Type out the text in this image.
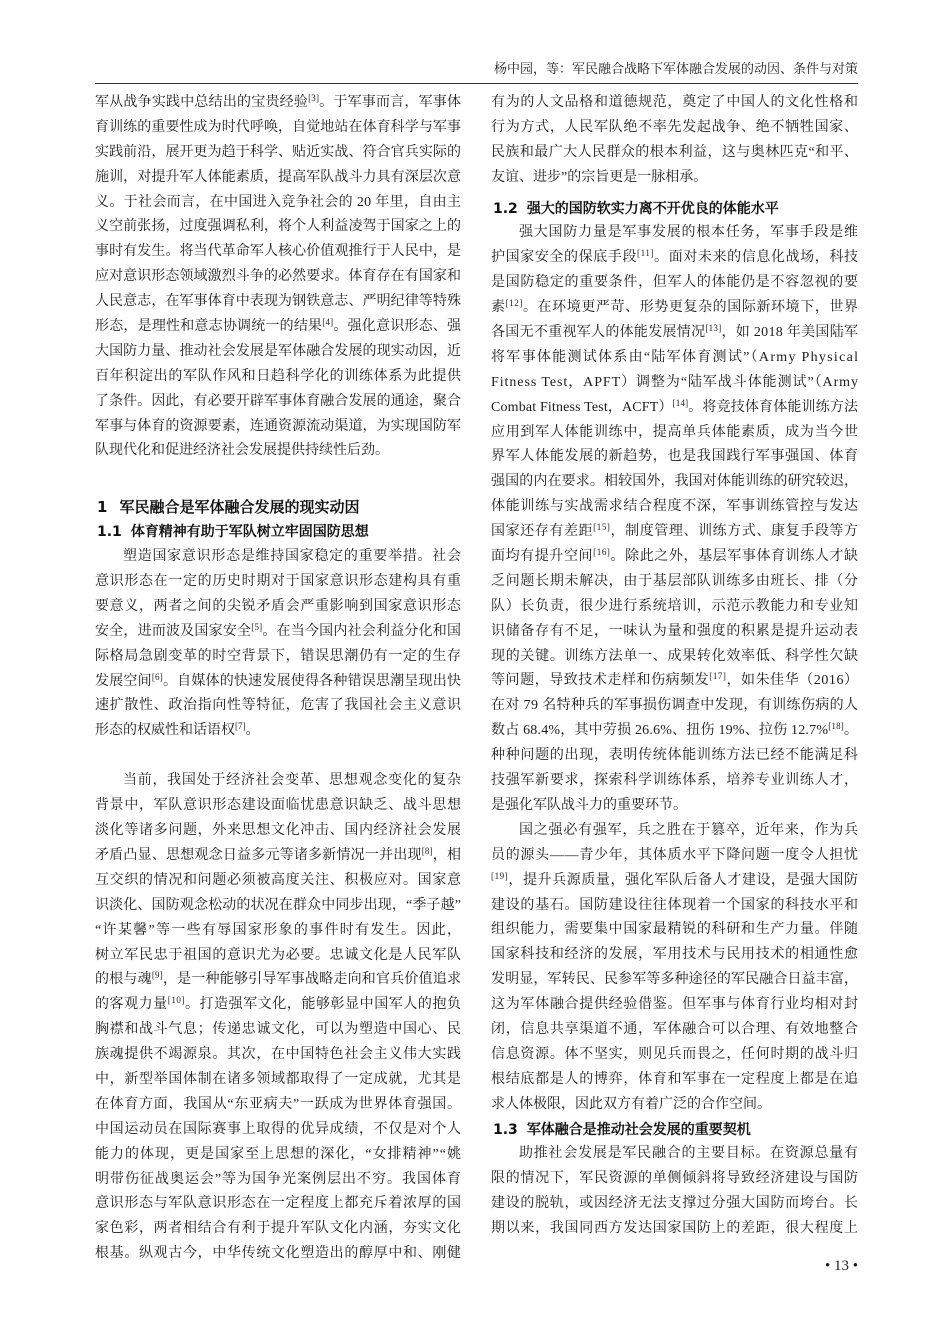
杨中园，等：军民融合战略下军体融合发展的动因、条件与对策
军从战争实践中总结出的宝贵经验[3]。于军事而言，军事体
育训练的重要性成为时代呼唤，自觉地站在体育科学与军事
实践前沿，展开更为趋于科学、贴近实战、符合官兵实际的
施训，对提升军人体能素质，提高军队战斗力具有深层次意
义。于社会而言，在中国进入竞争社会的 20 年里，自由主
义空前张扬，过度强调私利，将个人利益凌驾于国家之上的
事时有发生。将当代革命军人核心价值观推行于人民中，是
应对意识形态领域激烈斗争的必然要求。体育存在有国家和
人民意志，在军事体育中表现为钢铁意志、严明纪律等特殊
形态，是理性和意志协调统一的结果[4]。强化意识形态、强
大国防力量、推动社会发展是军体融合发展的现实动因，近
百年积淀出的军队作风和日趋科学化的训练体系为此提供
了条件。因此，有必要开辟军事体育融合发展的通途，聚合
军事与体育的资源要素，连通资源流动渠道，为实现国防军
队现代化和促进经济社会发展提供持续性后劲。
1 军民融合是军体融合发展的现实动因
1.1 体育精神有助于军队树立牢固国防思想
塑造国家意识形态是维持国家稳定的重要举措。社会
意识形态在一定的历史时期对于国家意识形态建构具有重
要意义，两者之间的尖锐矛盾会严重影响到国家意识形态
安全，进而波及国家安全[5]。在当今国内社会利益分化和国
际格局急剧变革的时空背景下，错误思潮仍有一定的生存
发展空间[6]。自媒体的快速发展使得各种错误思潮呈现出快
速扩散性、政治指向性等特征，危害了我国社会主义意识
形态的权威性和话语权[7]。
当前，我国处于经济社会变革、思想观念变化的复杂
背景中，军队意识形态建设面临忧患意识缺乏、战斗思想
淡化等诸多问题，外来思想文化冲击、国内经济社会发展
矛盾凸显、思想观念日益多元等诸多新情况一并出现[8]，相
互交织的情况和问题必须被高度关注、积极应对。国家意
识淡化、国防观念松动的状况在群众中同步出现，“季子越”
“许某馨”等一些有辱国家形象的事件时有发生。因此，
树立军民忠于祖国的意识尤为必要。忠诚文化是人民军队
的根与魂[9]，是一种能够引导军事战略走向和官兵价值追求
的客观力量[10]。打造强军文化，能够彰显中国军人的抱负
胸襟和战斗气息；传递忠诚文化，可以为塑造中国心、民
族魂提供不竭源泉。其次，在中国特色社会主义伟大实践
中，新型举国体制在诸多领域都取得了一定成就，尤其是
在体育方面，我国从“东亚病夫”一跃成为世界体育强国。
中国运动员在国际赛事上取得的优异成绩，不仅是对个人
能力的体现，更是国家至上思想的深化，“女排精神”“姚
明带伤征战奥运会”等为国争光案例层出不穷。我国体育
意识形态与军队意识形态在一定程度上都充斥着浓厚的国
家色彩，两者相结合有利于提升军队文化内涵，夯实文化
根基。纵观古今，中华传统文化塑造出的醇厚中和、刚健
有为的人文品格和道德规范，奠定了中国人的文化性格和
行为方式，人民军队绝不率先发起战争、绝不牺牲国家、
民族和最广大人民群众的根本利益，这与奥林匹克“和平、
友谊、进步”的宗旨更是一脉相承。
1.2 强大的国防软实力离不开优良的体能水平
强大国防力量是军事发展的根本任务，军事手段是维
护国家安全的保底手段[11]。面对未来的信息化战场，科技
是国防稳定的重要条件，但军人的体能仍是不容忽视的要
素[12]。在环境更严苛、形势更复杂的国际新环境下，世界
各国无不重视军人的体能发展情况[13]，如 2018 年美国陆军
将军事体能测试体系由“陆军体育测试”（Army Physical
Fitness Test，APFT）调整为“陆军战斗体能测试”（Army
Combat Fitness Test，ACFT）[14]。将竞技体育体能训练方法
应用到军人体能训练中，提高单兵体能素质，成为当今世
界军人体能发展的新趋势，也是我国践行军事强国、体育
强国的内在要求。相较国外，我国对体能训练的研究较迟，
体能训练与实战需求结合程度不深，军事训练管控与发达
国家还存有差距[15]，制度管理、训练方式、康复手段等方
面均有提升空间[16]。除此之外，基层军事体育训练人才缺
乏问题长期未解决，由于基层部队训练多由班长、排（分
队）长负责，很少进行系统培训，示范示教能力和专业知
识储备存有不足，一味认为量和强度的积累是提升运动表
现的关键。训练方法单一、成果转化效率低、科学性欠缺
等问题，导致技术走样和伤病频发[17]，如朱佳华（2016）
在对 79 名特种兵的军事损伤调查中发现，有训练伤病的人
数占 68.4%，其中劳损 26.6%、扭伤 19%、拉伤 12.7%[18]。
种种问题的出现，表明传统体能训练方法已经不能满足科
技强军新要求，探索科学训练体系，培养专业训练人才，
是强化军队战斗力的重要环节。
国之强必有强军，兵之胜在于篡卒，近年来，作为兵
员的源头——青少年，其体质水平下降问题一度令人担忧
[19]，提升兵源质量，强化军队后备人才建设，是强大国防
建设的基石。国防建设往往体现着一个国家的科技水平和
组织能力，需要集中国家最精锐的科研和生产力量。伴随
国家科技和经济的发展，军用技术与民用技术的相通性愈
发明显，军转民、民参军等多种途径的军民融合日益丰富，
这为军体融合提供经验借鉴。但军事与体育行业均相对封
闭，信息共享渠道不通，军体融合可以合理、有效地整合
信息资源。体不坚实，则见兵而畏之，任何时期的战斗归
根结底都是人的博弈，体育和军事在一定程度上都是在追
求人体极限，因此双方有着广泛的合作空间。
1.3 军体融合是推动社会发展的重要契机
助推社会发展是军民融合的主要目标。在资源总量有
限的情况下，军民资源的单侧倾斜将导致经济建设与国防
建设的脱轨，或因经济无法支撑过分强大国防而垮台。长
期以来，我国同西方发达国家国防上的差距，很大程度上
• 13 •
